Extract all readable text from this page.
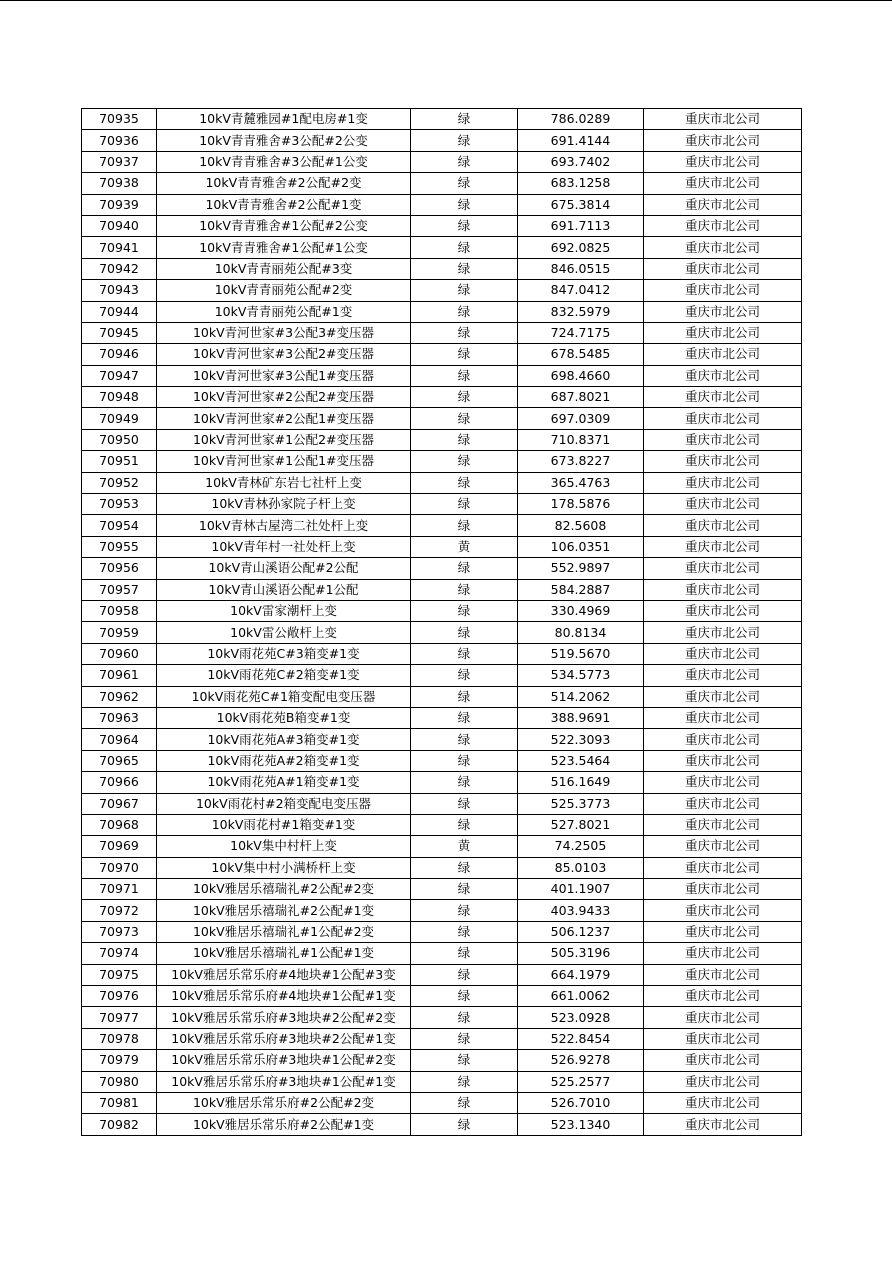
70935	10kV青麓雅园#1配电房#1变	绿	786.0289	重庆市北公司
70936	10kV青青雅舍#3公配#2公变	绿	691.4144	重庆市北公司
70937	10kV青青雅舍#3公配#1公变	绿	693.7402	重庆市北公司
70938	10kV青青雅舍#2公配#2变	绿	683.1258	重庆市北公司
70939	10kV青青雅舍#2公配#1变	绿	675.3814	重庆市北公司
70940	10kV青青雅舍#1公配#2公变	绿	691.7113	重庆市北公司
70941	10kV青青雅舍#1公配#1公变	绿	692.0825	重庆市北公司
70942	10kV青青丽苑公配#3变	绿	846.0515	重庆市北公司
70943	10kV青青丽苑公配#2变	绿	847.0412	重庆市北公司
70944	10kV青青丽苑公配#1变	绿	832.5979	重庆市北公司
70945	10kV青河世家#3公配3#变压器	绿	724.7175	重庆市北公司
70946	10kV青河世家#3公配2#变压器	绿	678.5485	重庆市北公司
70947	10kV青河世家#3公配1#变压器	绿	698.4660	重庆市北公司
70948	10kV青河世家#2公配2#变压器	绿	687.8021	重庆市北公司
70949	10kV青河世家#2公配1#变压器	绿	697.0309	重庆市北公司
70950	10kV青河世家#1公配2#变压器	绿	710.8371	重庆市北公司
70951	10kV青河世家#1公配1#变压器	绿	673.8227	重庆市北公司
70952	10kV青林矿东岩七社杆上变	绿	365.4763	重庆市北公司
70953	10kV青林孙家院子杆上变	绿	178.5876	重庆市北公司
70954	10kV青林古屋湾二社处杆上变	绿	82.5608	重庆市北公司
70955	10kV青年村一社处杆上变	黄	106.0351	重庆市北公司
70956	10kV青山溪语公配#2公配	绿	552.9897	重庆市北公司
70957	10kV青山溪语公配#1公配	绿	584.2887	重庆市北公司
70958	10kV雷家潮杆上变	绿	330.4969	重庆市北公司
70959	10kV雷公敞杆上变	绿	80.8134	重庆市北公司
70960	10kV雨花苑C#3箱变#1变	绿	519.5670	重庆市北公司
70961	10kV雨花苑C#2箱变#1变	绿	534.5773	重庆市北公司
70962	10kV雨花苑C#1箱变配电变压器	绿	514.2062	重庆市北公司
70963	10kV雨花苑B箱变#1变	绿	388.9691	重庆市北公司
70964	10kV雨花苑A#3箱变#1变	绿	522.3093	重庆市北公司
70965	10kV雨花苑A#2箱变#1变	绿	523.5464	重庆市北公司
70966	10kV雨花苑A#1箱变#1变	绿	516.1649	重庆市北公司
70967	10kV雨花村#2箱变配电变压器	绿	525.3773	重庆市北公司
70968	10kV雨花村#1箱变#1变	绿	527.8021	重庆市北公司
70969	10kV集中村杆上变	黄	74.2505	重庆市北公司
70970	10kV集中村小满桥杆上变	绿	85.0103	重庆市北公司
70971	10kV雅居乐禧瑞礼#2公配#2变	绿	401.1907	重庆市北公司
70972	10kV雅居乐禧瑞礼#2公配#1变	绿	403.9433	重庆市北公司
70973	10kV雅居乐禧瑞礼#1公配#2变	绿	506.1237	重庆市北公司
70974	10kV雅居乐禧瑞礼#1公配#1变	绿	505.3196	重庆市北公司
70975	10kV雅居乐常乐府#4地块#1公配#3变	绿	664.1979	重庆市北公司
70976	10kV雅居乐常乐府#4地块#1公配#1变	绿	661.0062	重庆市北公司
70977	10kV雅居乐常乐府#3地块#2公配#2变	绿	523.0928	重庆市北公司
70978	10kV雅居乐常乐府#3地块#2公配#1变	绿	522.8454	重庆市北公司
70979	10kV雅居乐常乐府#3地块#1公配#2变	绿	526.9278	重庆市北公司
70980	10kV雅居乐常乐府#3地块#1公配#1变	绿	525.2577	重庆市北公司
70981	10kV雅居乐常乐府#2公配#2变	绿	526.7010	重庆市北公司
70982	10kV雅居乐常乐府#2公配#1变	绿	523.1340	重庆市北公司
